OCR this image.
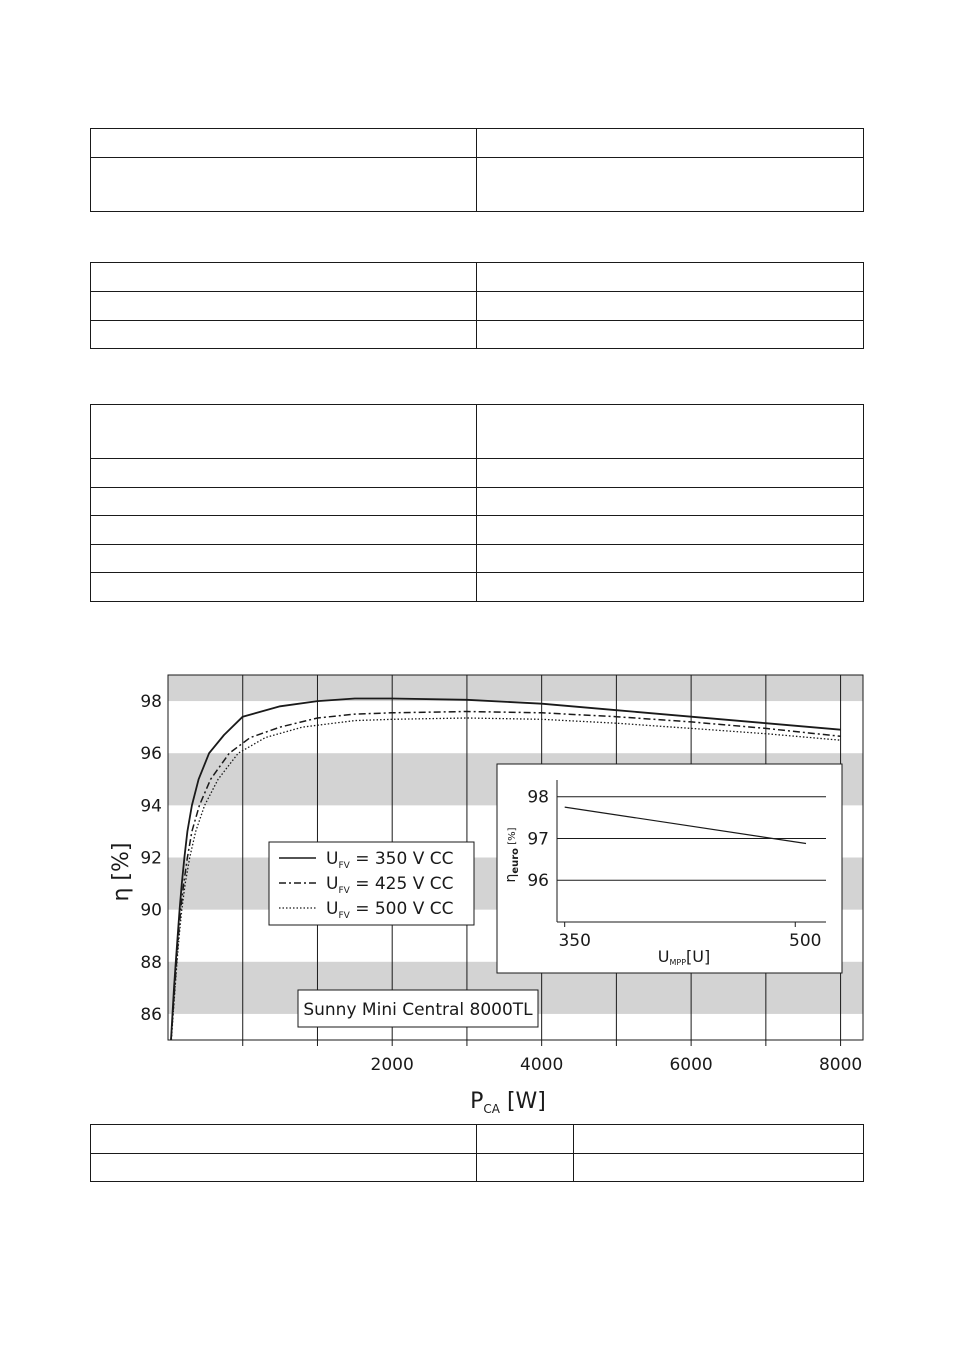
2000	4000	6000	8000
86
88
90
92
94
96
98
η [%]
$P_{CA}$ [W]
$U_{FV} = 350$ V CC
$U_{FV} = 425$ V CC
$U_{FV} = 500$ V CC
Sunny Mini Central 8000TL
96
97
98
350	500
$\eta_{euro}$ [%]
UMPP[U]
